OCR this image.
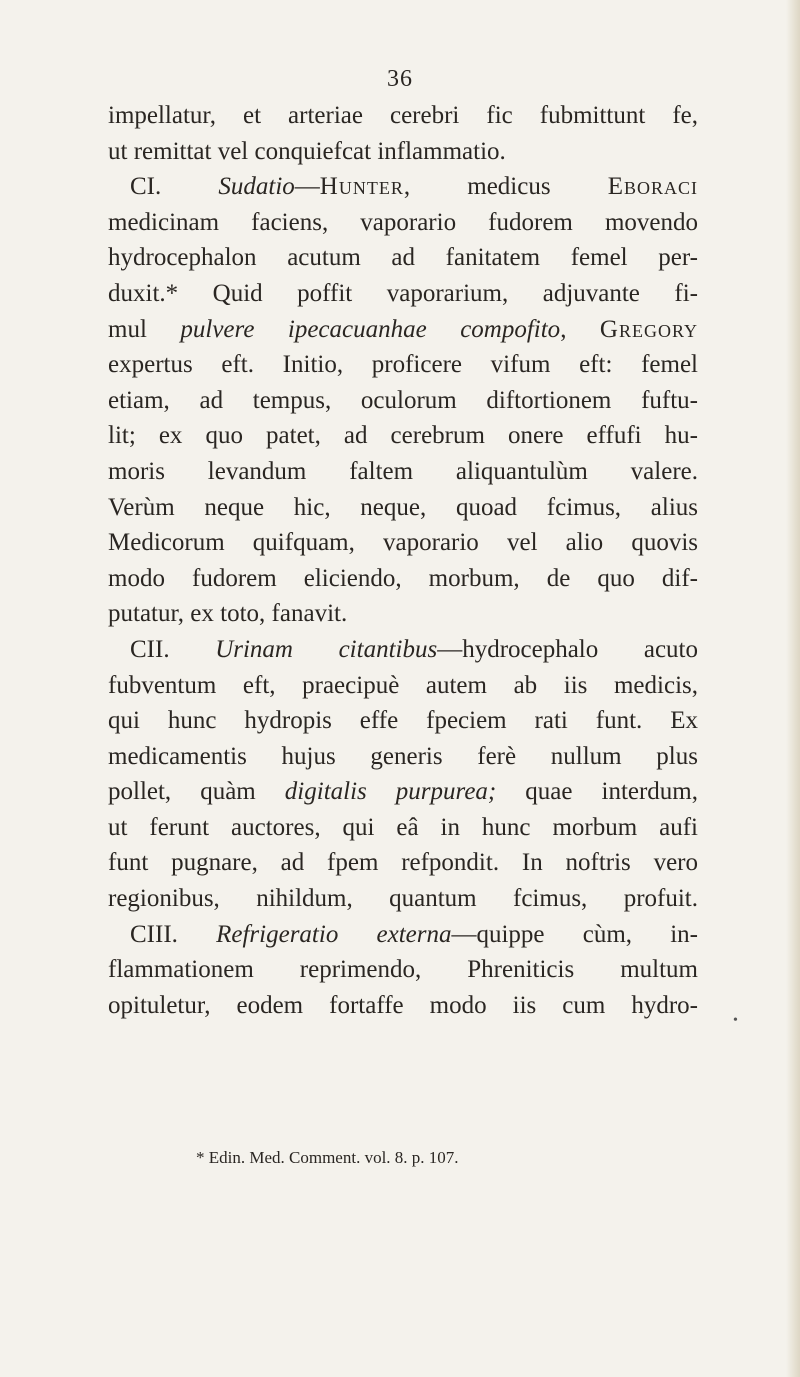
36
impellatur, et arteriae cerebri fic fubmittunt fe,
ut remittat vel conquiefcat inflammatio.
CI. Sudatio—Hunter, medicus Eboraci
medicinam faciens, vaporario fudorem movendo
hydrocephalon acutum ad fanitatem femel per-
duxit.* Quid poffit vaporarium, adjuvante fi-
mul pulvere ipecacuanhae compofito, Gregory
expertus eft. Initio, proficere vifum eft: femel
etiam, ad tempus, oculorum diftortionem fuftu-
lit; ex quo patet, ad cerebrum onere effufi hu-
moris levandum faltem aliquantulùm valere.
Verùm neque hic, neque, quoad fcimus, alius
Medicorum quifquam, vaporario vel alio quovis
modo fudorem eliciendo, morbum, de quo dif-
putatur, ex toto, fanavit.
CII. Urinam citantibus—hydrocephalo acuto
fubventum eft, praecipuè autem ab iis medicis,
qui hunc hydropis effe fpeciem rati funt. Ex
medicamentis hujus generis ferè nullum plus
pollet, quàm digitalis purpurea; quae interdum,
ut ferunt auctores, qui eâ in hunc morbum aufi
funt pugnare, ad fpem refpondit. In noftris vero
regionibus, nihildum, quantum fcimus, profuit.
CIII. Refrigeratio externa—quippe cùm, in-
flammationem reprimendo, Phreniticis multum
opituletur, eodem fortaffe modo iis cum hydro-
•
* Edin. Med. Comment. vol. 8. p. 107.
